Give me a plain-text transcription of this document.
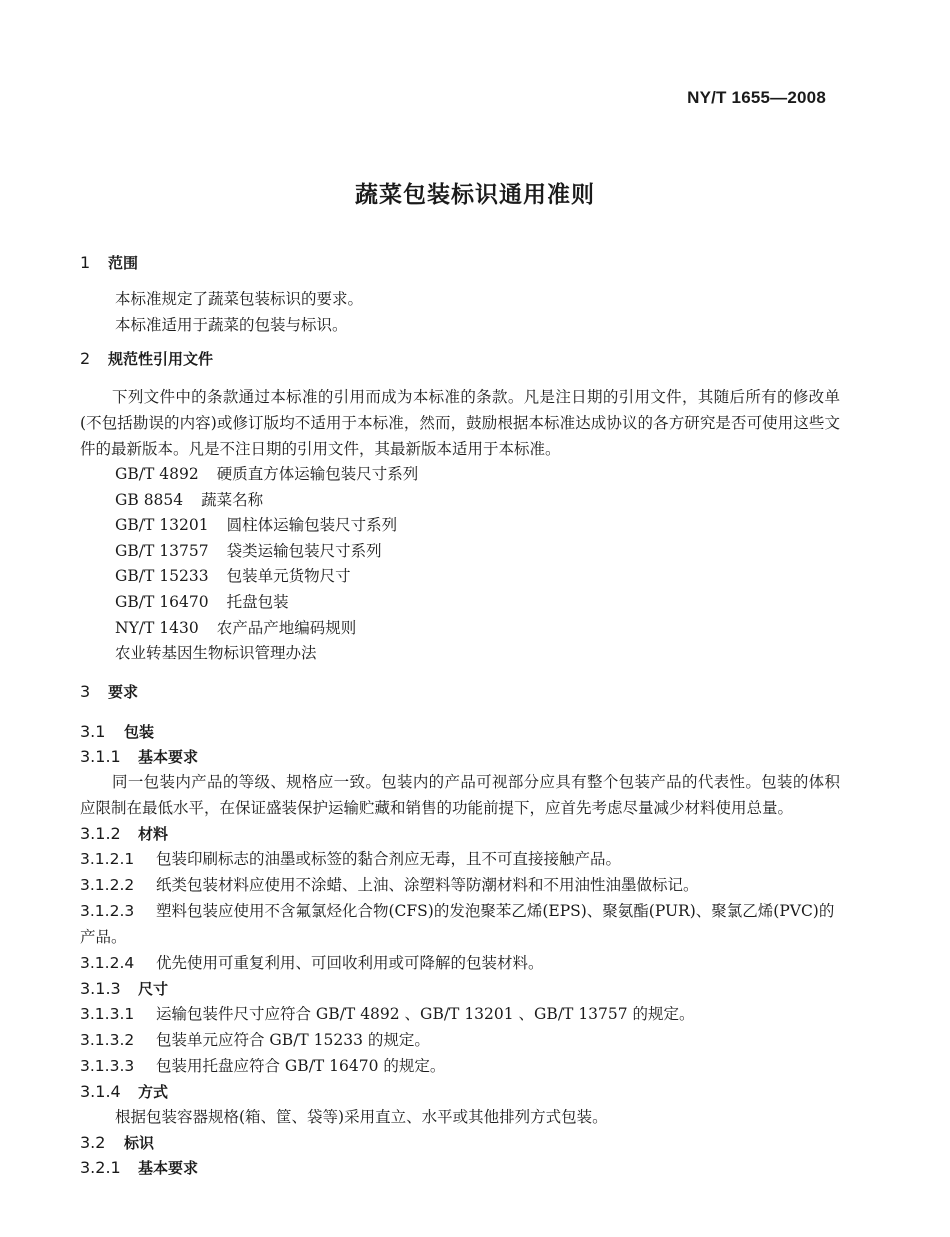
NY/T 1655—2008
蔬菜包装标识通用准则
1 范围
本标准规定了蔬菜包装标识的要求。
本标准适用于蔬菜的包装与标识。
2 规范性引用文件

下列文件中的条款通过本标准的引用而成为本标准的条款。凡是注日期的引用文件，其随后所有的修改单(不包括勘误的内容)或修订版均不适用于本标准，然而，鼓励根据本标准达成协议的各方研究是否可使用这些文件的最新版本。凡是不注日期的引用文件，其最新版本适用于本标准。

GB/T 4892 硬质直方体运输包装尺寸系列
GB 8854 蔬菜名称
GB/T 13201 圆柱体运输包装尺寸系列
GB/T 13757 袋类运输包装尺寸系列
GB/T 15233 包装单元货物尺寸
GB/T 16470 托盘包装
NY/T 1430 农产品产地编码规则
农业转基因生物标识管理办法
3 要求
3.1 包装
3.1.1 基本要求

同一包装内产品的等级、规格应一致。包装内的产品可视部分应具有整个包装产品的代表性。包装的体积应限制在最低水平，在保证盛装保护运输贮藏和销售的功能前提下，应首先考虑尽量减少材料使用总量。

3.1.2 材料
3.1.2.1 包装印刷标志的油墨或标签的黏合剂应无毒，且不可直接接触产品。
3.1.2.2 纸类包装材料应使用不涂蜡、上油、涂塑料等防潮材料和不用油性油墨做标记。
3.1.2.3 塑料包装应使用不含氟氯烃化合物(CFS)的发泡聚苯乙烯(EPS)、聚氨酯(PUR)、聚氯乙烯(PVC)的产品。
3.1.2.4 优先使用可重复利用、可回收利用或可降解的包装材料。
3.1.3 尺寸
3.1.3.1 运输包装件尺寸应符合 GB/T 4892 、GB/T 13201 、GB/T 13757 的规定。
3.1.3.2 包装单元应符合 GB/T 15233 的规定。
3.1.3.3 包装用托盘应符合 GB/T 16470 的规定。
3.1.4 方式
根据包装容器规格(箱、筐、袋等)采用直立、水平或其他排列方式包装。
3.2 标识
3.2.1 基本要求
